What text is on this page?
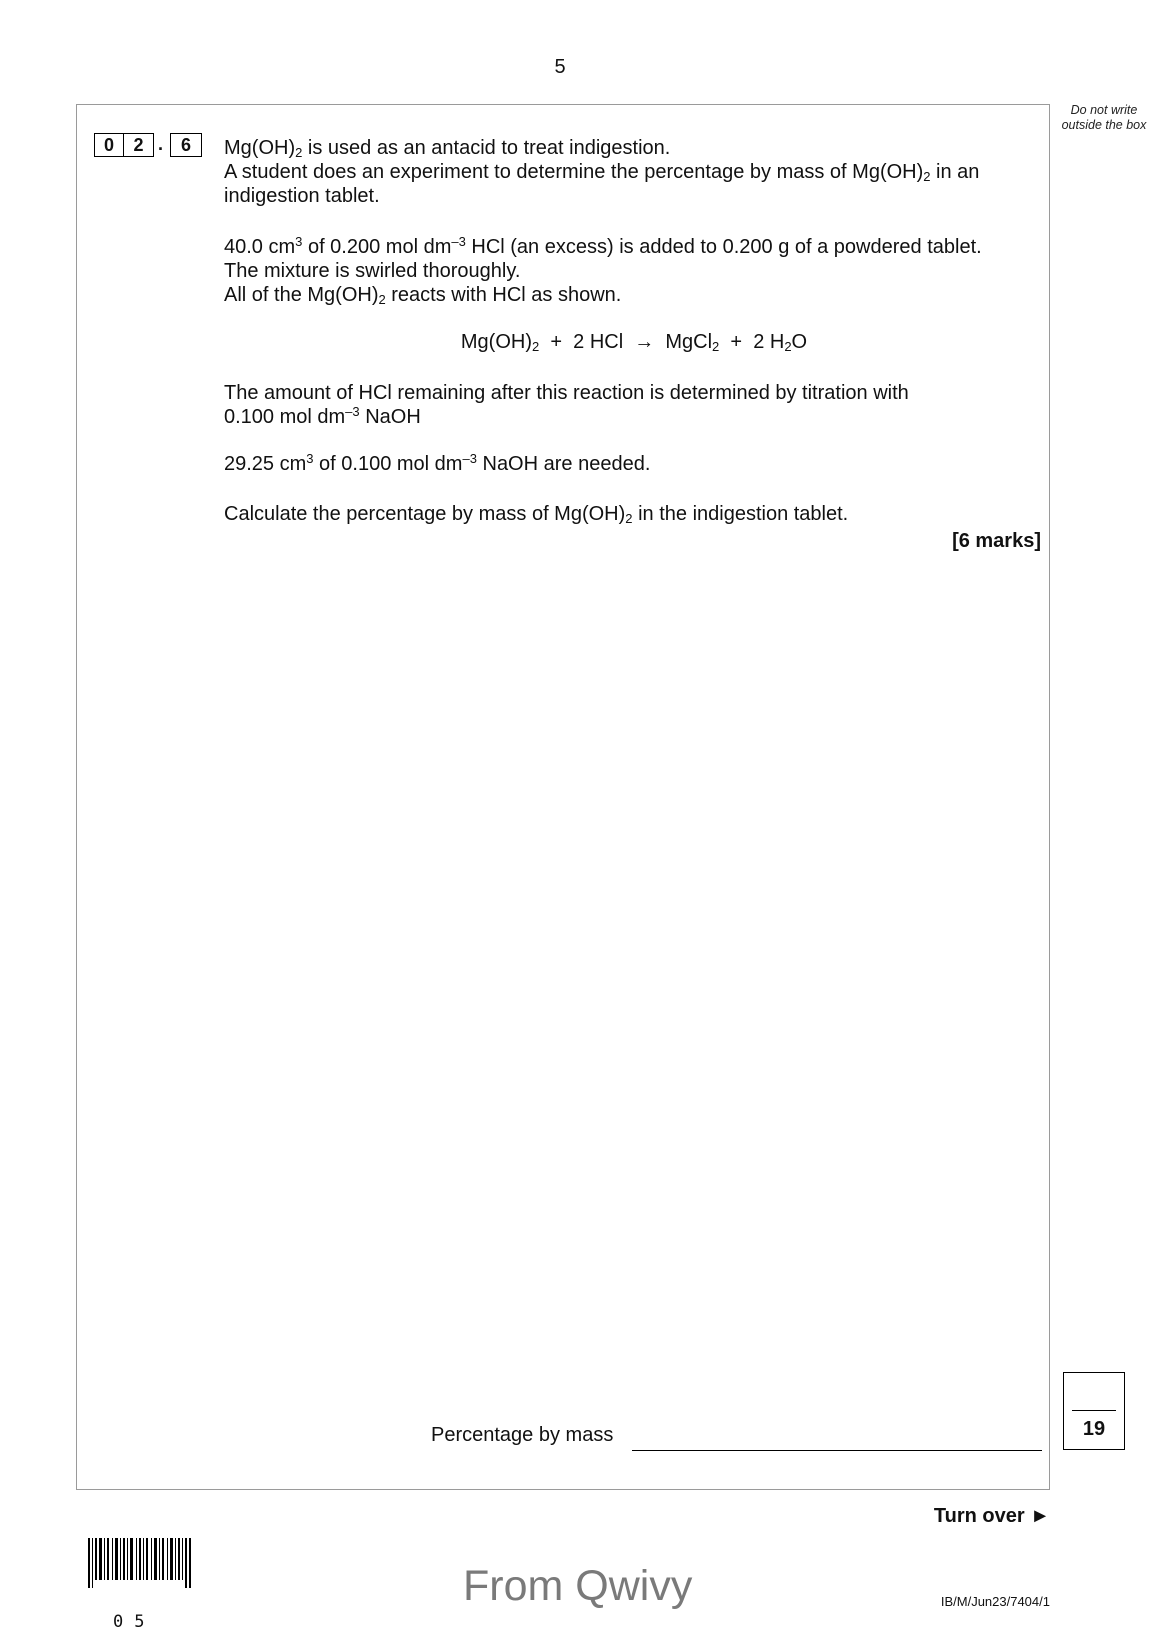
5
Do not write outside the box
0	2 . 6	$Mg(OH)_2$ is used as an antacid to treat indigestion.
A student does an experiment to determine the percentage by mass of $Mg(OH)_2$ in an indigestion tablet.
40.0 $cm^3$ of 0.200 mol $dm^{-3}$ HCl (an excess) is added to 0.200 g of a powdered tablet.
The mixture is swirled thoroughly.
All of the $Mg(OH)_2$ reacts with HCl as shown.
$Mg(OH)_2 + 2$ HCl  →  MgCl$_2$  +  2 $H_2O$
The amount of HCl remaining after this reaction is determined by titration with
0.100 mol $dm^{-3}$ NaOH
29.25 $cm^3$ of 0.100 mol $dm^{-3}$ NaOH are needed.
Calculate the percentage by mass of $Mg(OH)_2$ in the indigestion tablet.
[6 marks]
Percentage by mass	19
Turn over ►
05
From Qwivy	IB/M/Jun23/7404/1
